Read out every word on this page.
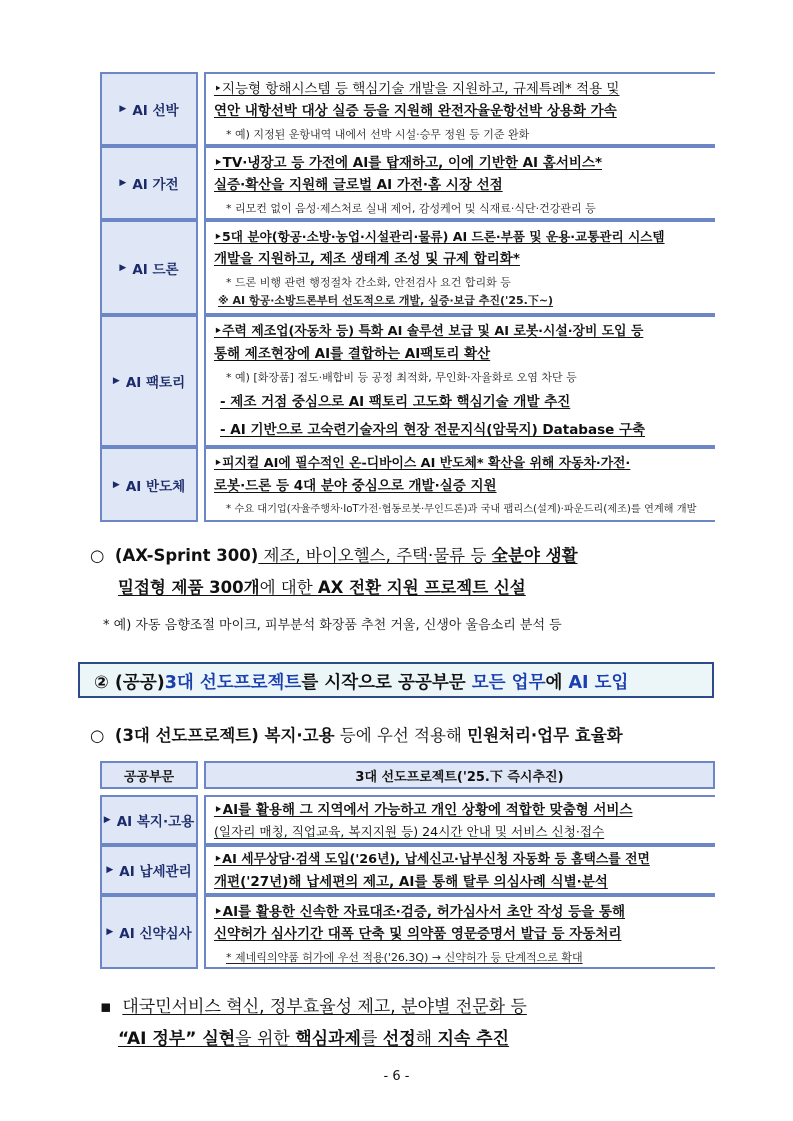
▶ AI 선박
‣지능형 항해시스템 등 핵심기술 개발을 지원하고, 규제특례* 적용 및
연안 내항선박 대상 실증 등을 지원해 완전자율운항선박 상용화 가속
* 예) 지정된 운항내역 내에서 선박 시설·승무 정원 등 기준 완화
▶ AI 가전
‣TV·냉장고 등 가전에 AI를 탑재하고, 이에 기반한 AI 홈서비스*
실증·확산을 지원해 글로벌 AI 가전·홈 시장 선점
* 리모컨 없이 음성·제스처로 실내 제어, 감성케어 및 식재료·식단·건강관리 등
▶ AI 드론
‣5대 분야(항공·소방·농업·시설관리·물류) AI 드론·부품 및 운용·교통관리 시스템
개발을 지원하고, 제조 생태계 조성 및 규제 합리화*
* 드론 비행 관련 행정절차 간소화, 안전검사 요건 합리화 등
※ AI 항공·소방드론부터 선도적으로 개발, 실증·보급 추진('25.下~)
▶ AI 팩토리
‣주력 제조업(자동차 등) 특화 AI 솔루션 보급 및 AI 로봇·시설·장비 도입 등
통해 제조현장에 AI를 결합하는 AI팩토리 확산
* 예) [화장품] 점도·배합비 등 공정 최적화, 무인화·자율화로 오염 차단 등
- 제조 거점 중심으로 AI 팩토리 고도화 핵심기술 개발 추진
- AI 기반으로 고숙련기술자의 현장 전문지식(암묵지) Database 구축
▶ AI 반도체
‣피지컬 AI에 필수적인 온-디바이스 AI 반도체* 확산을 위해 자동차·가전·
로봇·드론 등 4대 분야 중심으로 개발·실증 지원
* 수요 대기업(자율주행차·IoT가전·협동로봇·무인드론)과 국내 팹리스(설계)·파운드리(제조)를 연계해 개발
○ (AX-Sprint 300) 제조, 바이오헬스, 주택·물류 등 全분야 생활
밀접형 제품 300개에 대한 AX 전환 지원 프로젝트 신설
* 예) 자동 음향조절 마이크, 피부분석 화장품 추천 거울, 신생아 울음소리 분석 등
② (공공)3대 선도프로젝트를 시작으로 공공부문 모든 업무에 AI 도입
○ (3대 선도프로젝트) 복지·고용 등에 우선 적용해 민원처리·업무 효율화
공공부문	3대 선도프로젝트('25.下 즉시추진)
▶ AI 복지·고용
‣AI를 활용해 그 지역에서 가능하고 개인 상황에 적합한 맞춤형 서비스
(일자리 매칭, 직업교육, 복지지원 등) 24시간 안내 및 서비스 신청·접수
▶ AI 납세관리
‣AI 세무상담·검색 도입('26년), 납세신고·납부신청 자동화 등 홈택스를 전면
개편('27년)해 납세편의 제고, AI를 통해 탈루 의심사례 식별·분석
▶ AI 신약심사
‣AI를 활용한 신속한 자료대조·검증, 허가심사서 초안 작성 등을 통해
신약허가 심사기간 대폭 단축 및 의약품 영문증명서 발급 등 자동처리
* 제네릭의약품 허가에 우선 적용('26.3Q) → 신약허가 등 단계적으로 확대
▪ 대국민서비스 혁신, 정부효율성 제고, 분야별 전문화 등
“AI 정부” 실현을 위한 핵심과제를 선정해 지속 추진
- 6 -
